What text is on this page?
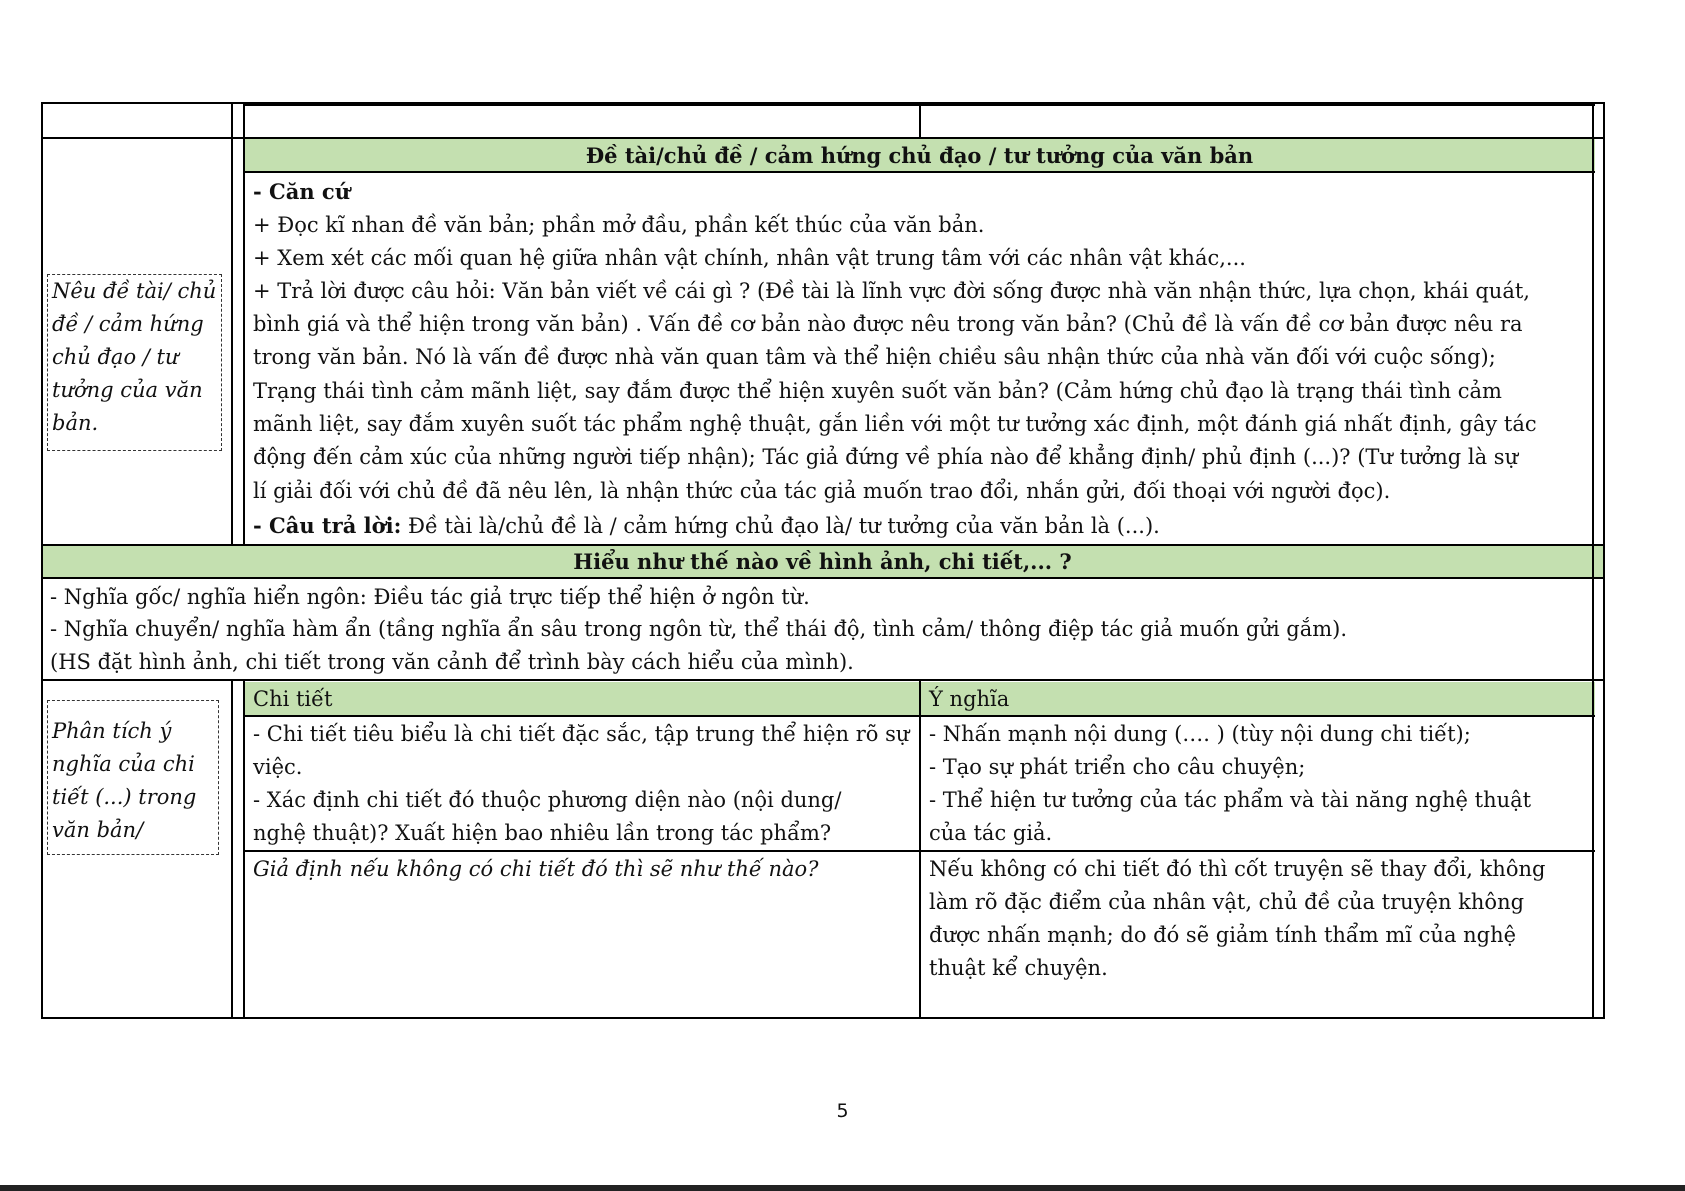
Đề tài/chủ đề / cảm hứng chủ đạo / tư tưởng của văn bản
Nêu đề tài/ chủ
đề / cảm hứng
chủ đạo / tư
tưởng của văn
bản.
- Căn cứ
+ Đọc kĩ nhan đề văn bản; phần mở đầu, phần kết thúc của văn bản.
+ Xem xét các mối quan hệ giữa nhân vật chính, nhân vật trung tâm với các nhân vật khác,...
+ Trả lời được câu hỏi: Văn bản viết về cái gì ? (Đề tài là lĩnh vực đời sống được nhà văn nhận thức, lựa chọn, khái quát,
bình giá và thể hiện trong văn bản) . Vấn đề cơ bản nào được nêu trong văn bản? (Chủ đề là vấn đề cơ bản được nêu ra
trong văn bản. Nó là vấn đề được nhà văn quan tâm và thể hiện chiều sâu nhận thức của nhà văn đối với cuộc sống);
Trạng thái tình cảm mãnh liệt, say đắm được thể hiện xuyên suốt văn bản? (Cảm hứng chủ đạo là trạng thái tình cảm
mãnh liệt, say đắm xuyên suốt tác phẩm nghệ thuật, gắn liền với một tư tưởng xác định, một đánh giá nhất định, gây tác
động đến cảm xúc của những người tiếp nhận); Tác giả đứng về phía nào để khẳng định/ phủ định (...)? (Tư tưởng là sự
lí giải đối với chủ đề đã nêu lên, là nhận thức của tác giả muốn trao đổi, nhắn gửi, đối thoại với người đọc).
- Câu trả lời: Đề tài là/chủ đề là / cảm hứng chủ đạo là/ tư tưởng của văn bản là (...).
Hiểu như thế nào về hình ảnh, chi tiết,... ?
- Nghĩa gốc/ nghĩa hiển ngôn: Điều tác giả trực tiếp thể hiện ở ngôn từ.
- Nghĩa chuyển/ nghĩa hàm ẩn (tầng nghĩa ẩn sâu trong ngôn từ, thể thái độ, tình cảm/ thông điệp tác giả muốn gửi gắm).
(HS đặt hình ảnh, chi tiết trong văn cảnh để trình bày cách hiểu của mình).
Phân tích ý
nghĩa của chi
tiết (...) trong
văn bản/
Chi tiết	Ý nghĩa
- Chi tiết tiêu biểu là chi tiết đặc sắc, tập trung thể hiện rõ sự
việc.
- Xác định chi tiết đó thuộc phương diện nào (nội dung/
nghệ thuật)? Xuất hiện bao nhiêu lần trong tác phẩm?
- Nhấn mạnh nội dung (…. ) (tùy nội dung chi tiết);
- Tạo sự phát triển cho câu chuyện;
- Thể hiện tư tưởng của tác phẩm và tài năng nghệ thuật
của tác giả.
Giả định nếu không có chi tiết đó thì sẽ như thế nào?	Nếu không có chi tiết đó thì cốt truyện sẽ thay đổi, không
làm rõ đặc điểm của nhân vật, chủ đề của truyện không
được nhấn mạnh; do đó sẽ giảm tính thẩm mĩ của nghệ
thuật kể chuyện.
5
